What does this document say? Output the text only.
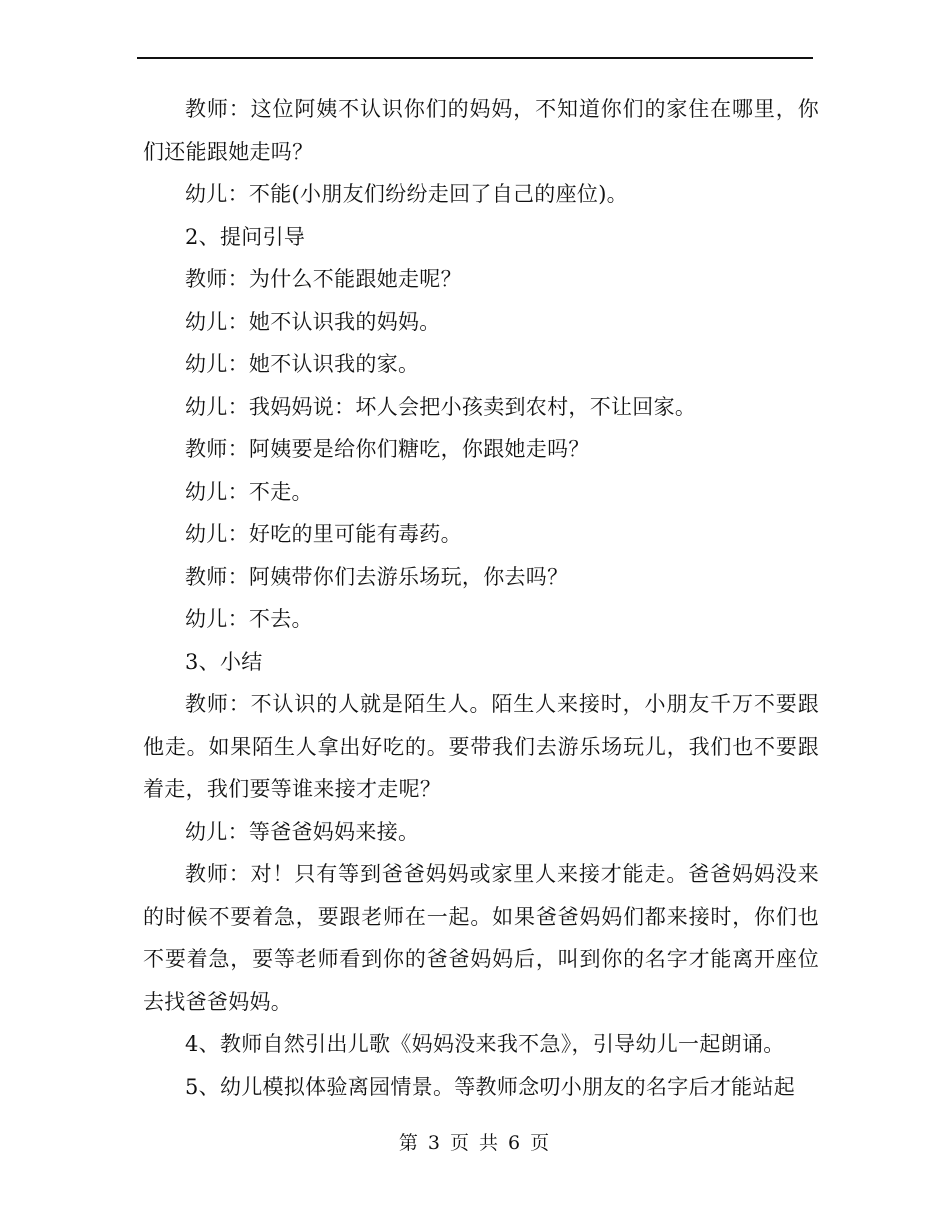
教师：这位阿姨不认识你们的妈妈，不知道你们的家住在哪里，你们还能跟她走吗？

幼儿：不能(小朋友们纷纷走回了自己的座位)。

2、提问引导

教师：为什么不能跟她走呢？

幼儿：她不认识我的妈妈。

幼儿：她不认识我的家。

幼儿：我妈妈说：坏人会把小孩卖到农村，不让回家。

教师：阿姨要是给你们糖吃，你跟她走吗？

幼儿：不走。

幼儿：好吃的里可能有毒药。

教师：阿姨带你们去游乐场玩，你去吗？

幼儿：不去。

3、小结

教师：不认识的人就是陌生人。陌生人来接时，小朋友千万不要跟他走。如果陌生人拿出好吃的。要带我们去游乐场玩儿，我们也不要跟着走，我们要等谁来接才走呢？

幼儿：等爸爸妈妈来接。

教师：对！只有等到爸爸妈妈或家里人来接才能走。爸爸妈妈没来的时候不要着急，要跟老师在一起。如果爸爸妈妈们都来接时，你们也不要着急，要等老师看到你的爸爸妈妈后，叫到你的名字才能离开座位去找爸爸妈妈。

4、教师自然引出儿歌《妈妈没来我不急》，引导幼儿一起朗诵。

5、幼儿模拟体验离园情景。等教师念叨小朋友的名字后才能站起

第 3 页 共 6 页
